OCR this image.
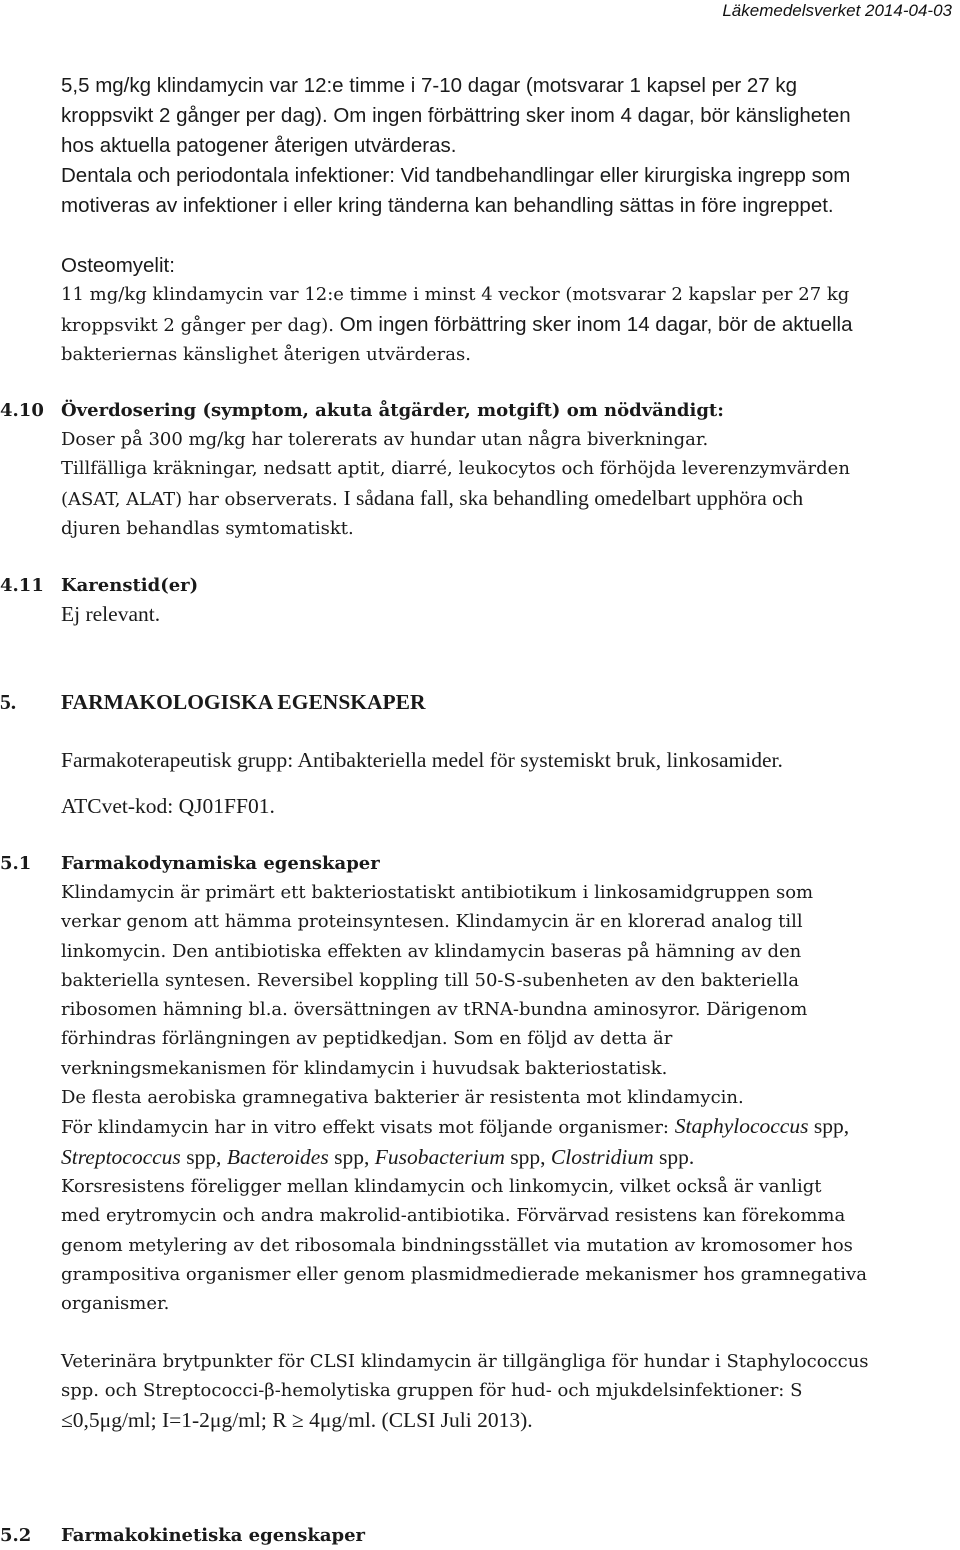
Läkemedelsverket 2014-04-03
5,5 mg/kg klindamycin var 12:e timme i 7-10 dagar (motsvarar 1 kapsel per 27 kg
kroppsvikt 2 gånger per dag). Om ingen förbättring sker inom 4 dagar, bör känsligheten
hos aktuella patogener återigen utvärderas.
Dentala och periodontala infektioner: Vid tandbehandlingar eller kirurgiska ingrepp som
motiveras av infektioner i eller kring tänderna kan behandling sättas in före ingreppet.
Osteomyelit:
11 mg/kg klindamycin var 12:e timme i minst 4 veckor (motsvarar 2 kapslar per 27 kg
kroppsvikt 2 gånger per dag). Om ingen förbättring sker inom 14 dagar, bör de aktuella
bakteriernas känslighet återigen utvärderas.
4.10 Överdosering (symptom, akuta åtgärder, motgift) om nödvändigt:
Doser på 300 mg/kg har tolererats av hundar utan några biverkningar.
Tillfälliga kräkningar, nedsatt aptit, diarré, leukocytos och förhöjda leverenzymvärden
(ASAT, ALAT) har observerats. I sådana fall, ska behandling omedelbart upphöra och
djuren behandlas symtomatiskt.
4.11 Karenstid(er)
Ej relevant.
5.	FARMAKOLOGISKA EGENSKAPER
Farmakoterapeutisk grupp: Antibakteriella medel för systemiskt bruk, linkosamider.
ATCvet-kod: QJ01FF01.
5.1	Farmakodynamiska egenskaper
Klindamycin är primärt ett bakteriostatiskt antibiotikum i linkosamidgruppen som
verkar genom att hämma proteinsyntesen. Klindamycin är en klorerad analog till
linkomycin. Den antibiotiska effekten av klindamycin baseras på hämning av den
bakteriella syntesen. Reversibel koppling till 50-S-subenheten av den bakteriella
ribosomen hämning bl.a. översättningen av tRNA-bundna aminosyror. Därigenom
förhindras förlängningen av peptidkedjan. Som en följd av detta är
verkningsmekanismen för klindamycin i huvudsak bakteriostatisk.
De flesta aerobiska gramnegativa bakterier är resistenta mot klindamycin.
För klindamycin har in vitro effekt visats mot följande organismer: Staphylococcus spp,
Streptococcus spp, Bacteroides spp, Fusobacterium spp, Clostridium spp.
Korsresistens föreligger mellan klindamycin och linkomycin, vilket också är vanligt
med erytromycin och andra makrolid-antibiotika. Förvärvad resistens kan förekomma
genom metylering av det ribosomala bindningsstället via mutation av kromosomer hos
grampositiva organismer eller genom plasmidmedierade mekanismer hos gramnegativa
organismer.
Veterinära brytpunkter för CLSI klindamycin är tillgängliga för hundar i Staphylococcus
spp. och Streptococci-β-hemolytiska gruppen för hud- och mjukdelsinfektioner: S
≤0,5μg/ml; I=1-2μg/ml; R ≥ 4μg/ml. (CLSI Juli 2013).
5.2	Farmakokinetiska egenskaper
